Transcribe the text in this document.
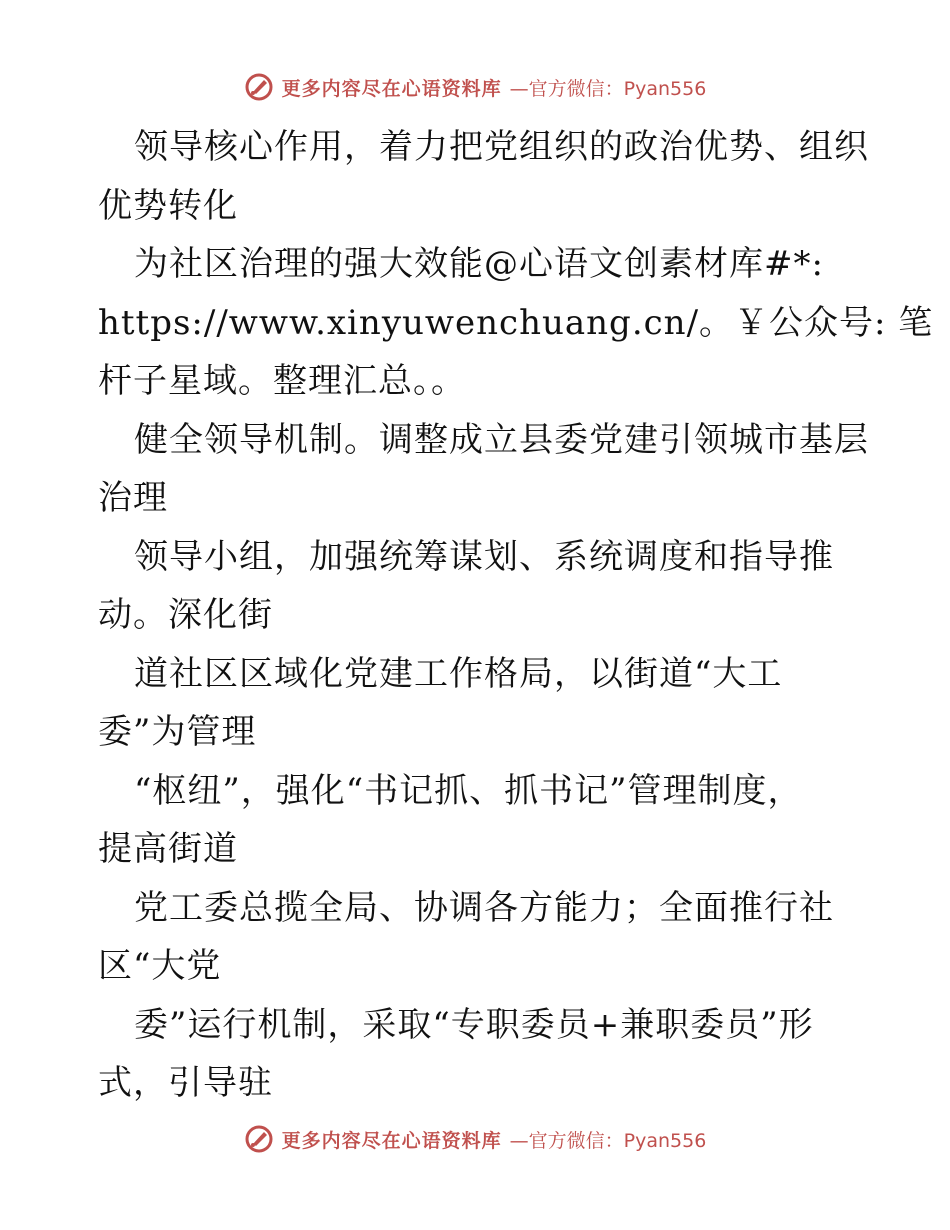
更多内容尽在心语资料库 —官方微信：Pyan556
领导核心作用，着力把党组织的政治优势、组织
优势转化
为社区治理的强大效能@心语文创素材库#*:
https://www.xinyuwenchuang.cn/。￥公众号: 笔
杆子星域。整理汇总。。
健全领导机制。调整成立县委党建引领城市基层
治理
领导小组，加强统筹谋划、系统调度和指导推
动。深化街
道社区区域化党建工作格局，以街道“大工
委”为管理
“枢纽”，强化“书记抓、抓书记”管理制度，
提高街道
党工委总揽全局、协调各方能力；全面推行社
区“大党
委”运行机制，采取“专职委员+兼职委员”形
式，引导驻
更多内容尽在心语资料库 —官方微信：Pyan556
